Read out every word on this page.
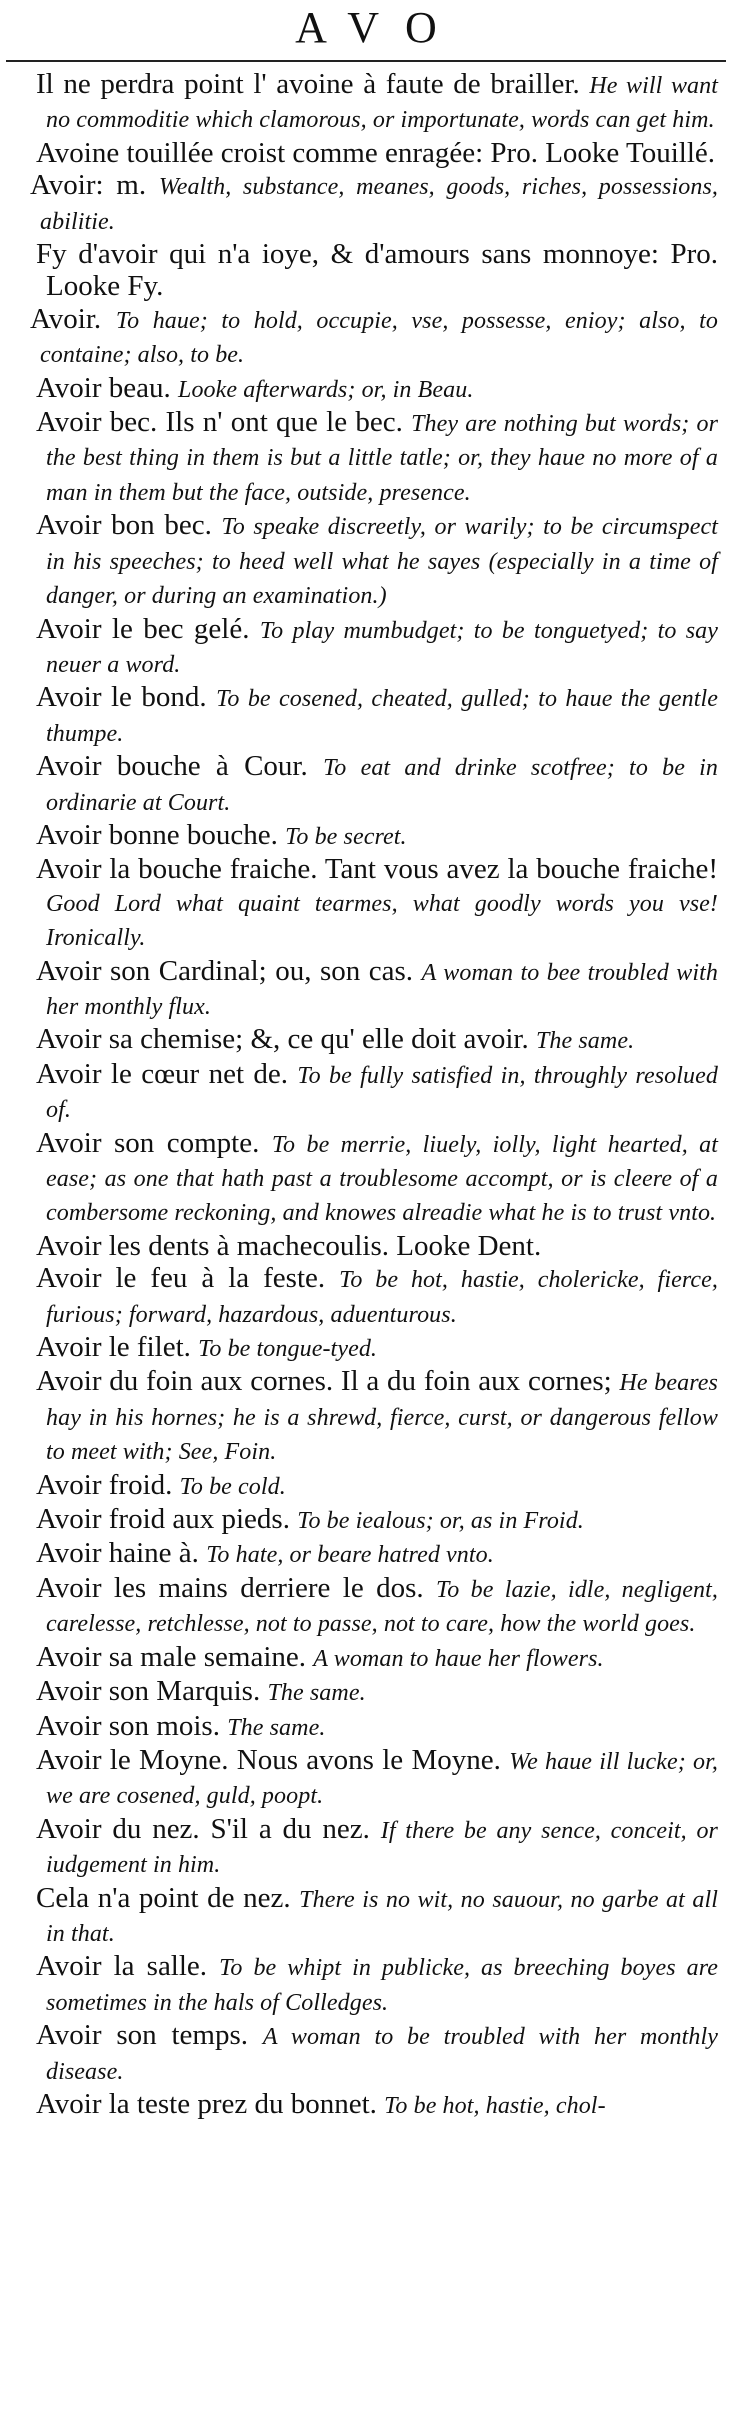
AVO
Il ne perdra point l' avoine à faute de brailler. He will want no commoditie which clamorous, or importunate, words can get him.
Avoine touillée croist comme enragée: Pro. Looke Touillé.
Avoir: m. Wealth, substance, meanes, goods, riches, possessions, abilitie.
Fy d'avoir qui n'a ioye, & d'amours sans monnoye: Pro. Looke Fy.
Avoir. To haue; to hold, occupie, vse, possesse, enioy; also, to containe; also, to be.
Avoir beau. Looke afterwards; or, in Beau.
Avoir bec. Ils n' ont que le bec. They are nothing but words; or the best thing in them is but a little tatle; or, they haue no more of a man in them but the face, outside, presence.
Avoir bon bec. To speake discreetly, or warily; to be circumspect in his speeches; to heed well what he sayes (especially in a time of danger, or during an examination.)
Avoir le bec gelé. To play mumbudget; to be tonguetyed; to say neuer a word.
Avoir le bond. To be cosened, cheated, gulled; to haue the gentle thumpe.
Avoir bouche à Cour. To eat and drinke scotfree; to be in ordinarie at Court.
Avoir bonne bouche. To be secret.
Avoir la bouche fraiche. Tant vous avez la bouche fraiche! Good Lord what quaint tearmes, what goodly words you vse! Ironically.
Avoir son Cardinal; ou, son cas. A woman to bee troubled with her monthly flux.
Avoir sa chemise; &, ce qu' elle doit avoir. The same.
Avoir le cœur net de. To be fully satisfied in, throughly resolued of.
Avoir son compte. To be merrie, liuely, iolly, light hearted, at ease; as one that hath past a troublesome accompt, or is cleere of a combersome reckoning, and knowes alreadie what he is to trust vnto.
Avoir les dents à machecoulis. Looke Dent.
Avoir le feu à la feste. To be hot, hastie, cholericke, fierce, furious; forward, hazardous, aduenturous.
Avoir le filet. To be tongue-tyed.
Avoir du foin aux cornes. Il a du foin aux cornes; He beares hay in his hornes; he is a shrewd, fierce, curst, or dangerous fellow to meet with; See, Foin.
Avoir froid. To be cold.
Avoir froid aux pieds. To be iealous; or, as in Froid.
Avoir haine à. To hate, or beare hatred vnto.
Avoir les mains derriere le dos. To be lazie, idle, negligent, carelesse, retchlesse, not to passe, not to care, how the world goes.
Avoir sa male semaine. A woman to haue her flowers.
Avoir son Marquis. The same.
Avoir son mois. The same.
Avoir le Moyne. Nous avons le Moyne. We haue ill lucke; or, we are cosened, guld, poopt.
Avoir du nez. S'il a du nez. If there be any sence, conceit, or iudgement in him.
Cela n'a point de nez. There is no wit, no sauour, no garbe at all in that.
Avoir la salle. To be whipt in publicke, as breeching boyes are sometimes in the hals of Colledges.
Avoir son temps. A woman to be troubled with her monthly disease.
Avoir la teste prez du bonnet. To be hot, hastie, chol-
